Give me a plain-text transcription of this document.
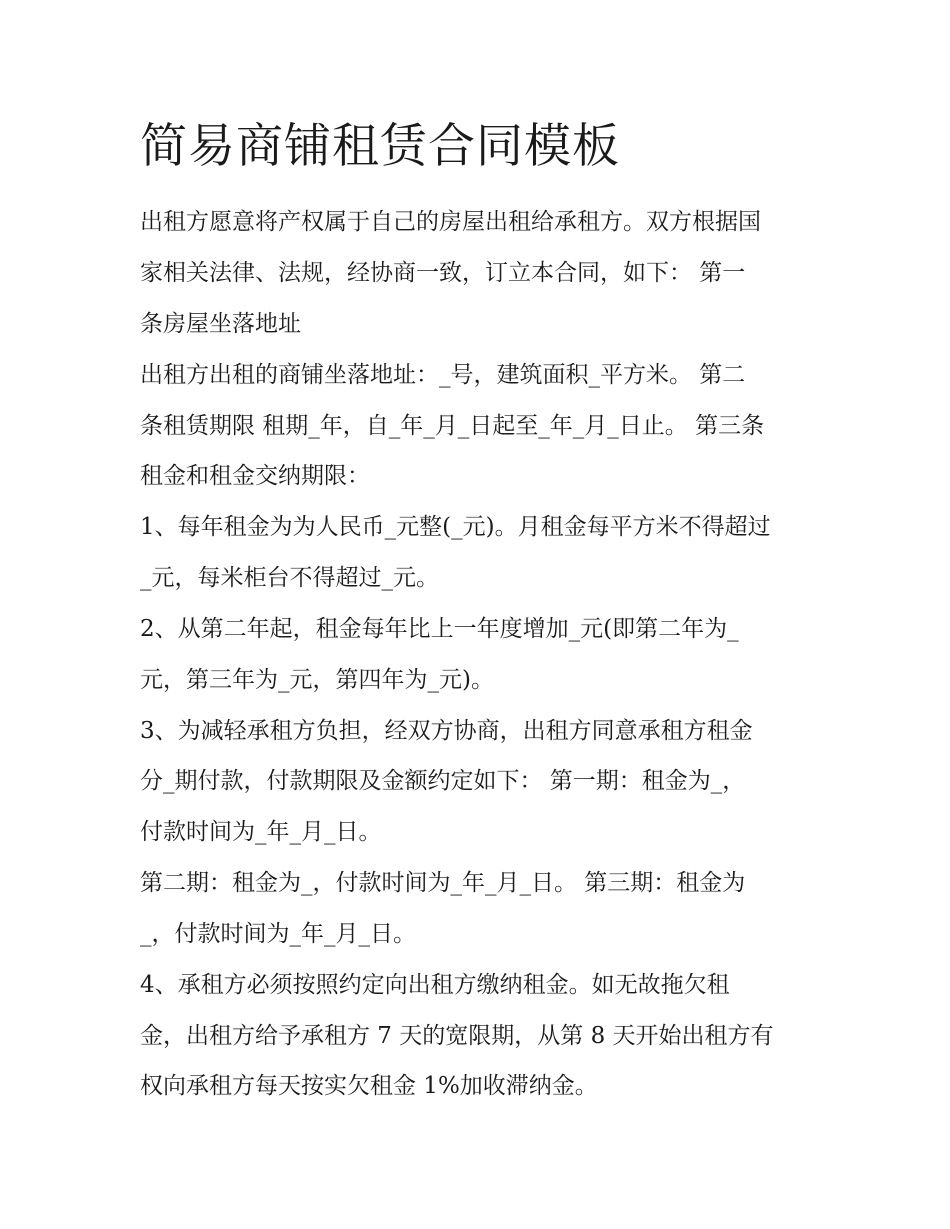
简易商铺租赁合同模板

出租方愿意将产权属于自己的房屋出租给承租方。双方根据国

家相关法律、法规，经协商一致，订立本合同，如下： 第一

条房屋坐落地址

出租方出租的商铺坐落地址：_号，建筑面积_平方米。 第二

条租赁期限 租期_年，自_年_月_日起至_年_月_日止。 第三条

租金和租金交纳期限：

1、每年租金为为人民币_元整(_元)。月租金每平方米不得超过

_元，每米柜台不得超过_元。

2、从第二年起，租金每年比上一年度增加_元(即第二年为_

元，第三年为_元，第四年为_元)。

3、为减轻承租方负担，经双方协商，出租方同意承租方租金

分_期付款，付款期限及金额约定如下： 第一期：租金为_，

付款时间为_年_月_日。

第二期：租金为_，付款时间为_年_月_日。 第三期：租金为

_，付款时间为_年_月_日。

4、承租方必须按照约定向出租方缴纳租金。如无故拖欠租

金，出租方给予承租方 7 天的宽限期，从第 8 天开始出租方有

权向承租方每天按实欠租金 1%加收滞纳金。
